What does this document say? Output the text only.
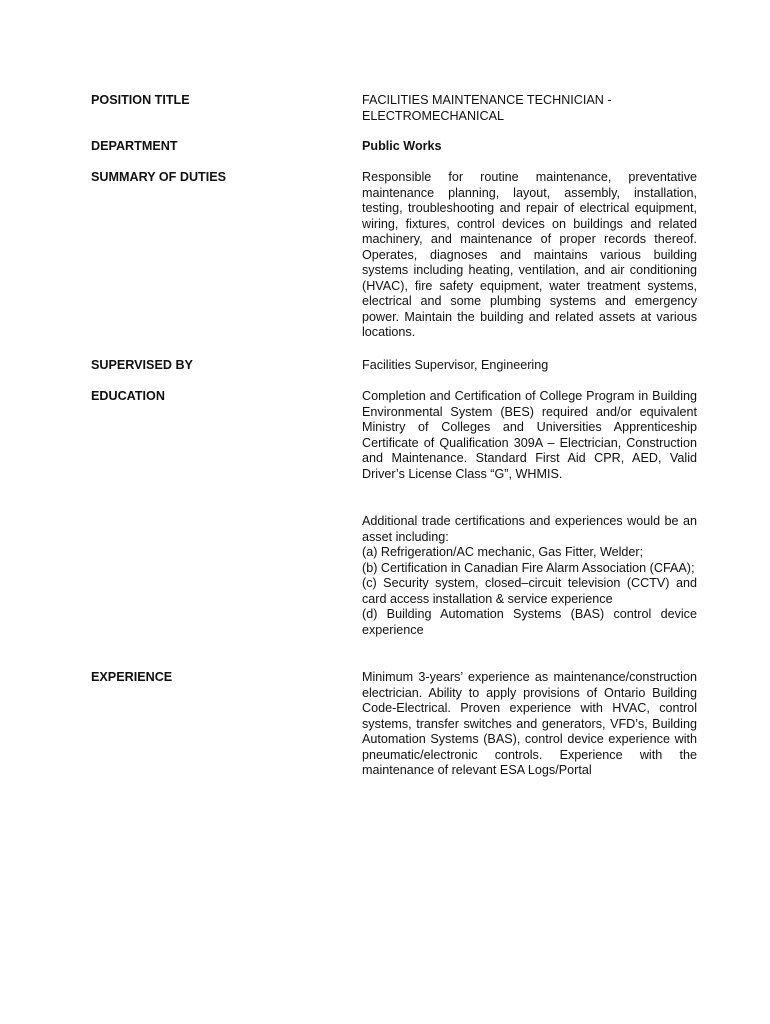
POSITION TITLE	FACILITIES MAINTENANCE TECHNICIAN -
ELECTROMECHANICAL
DEPARTMENT	Public Works
SUMMARY OF DUTIES	Responsible for routine maintenance, preventative maintenance planning, layout, assembly, installation, testing, troubleshooting and repair of electrical equipment, wiring, fixtures, control devices on buildings and related machinery, and maintenance of proper records thereof. Operates, diagnoses and maintains various building systems including heating, ventilation, and air conditioning (HVAC), fire safety equipment, water treatment systems, electrical and some plumbing systems and emergency power. Maintain the building and related assets at various locations.
SUPERVISED BY	Facilities Supervisor, Engineering
EDUCATION	Completion and Certification of College Program in Building Environmental System (BES) required and/or equivalent Ministry of Colleges and Universities Apprenticeship Certificate of Qualification 309A – Electrician, Construction and Maintenance. Standard First Aid CPR, AED, Valid Driver’s License Class “G”, WHMIS.
Additional trade certifications and experiences would be an asset including:
(a) Refrigeration/AC mechanic, Gas Fitter, Welder;
(b) Certification in Canadian Fire Alarm Association (CFAA);
(c) Security system, closed–circuit television (CCTV) and card access installation & service experience
(d) Building Automation Systems (BAS) control device experience
EXPERIENCE	Minimum 3-years’ experience as maintenance/construction electrician. Ability to apply provisions of Ontario Building Code-Electrical. Proven experience with HVAC, control systems, transfer switches and generators, VFD’s, Building Automation Systems (BAS), control device experience with pneumatic/electronic controls. Experience with the maintenance of relevant ESA Logs/Portal
